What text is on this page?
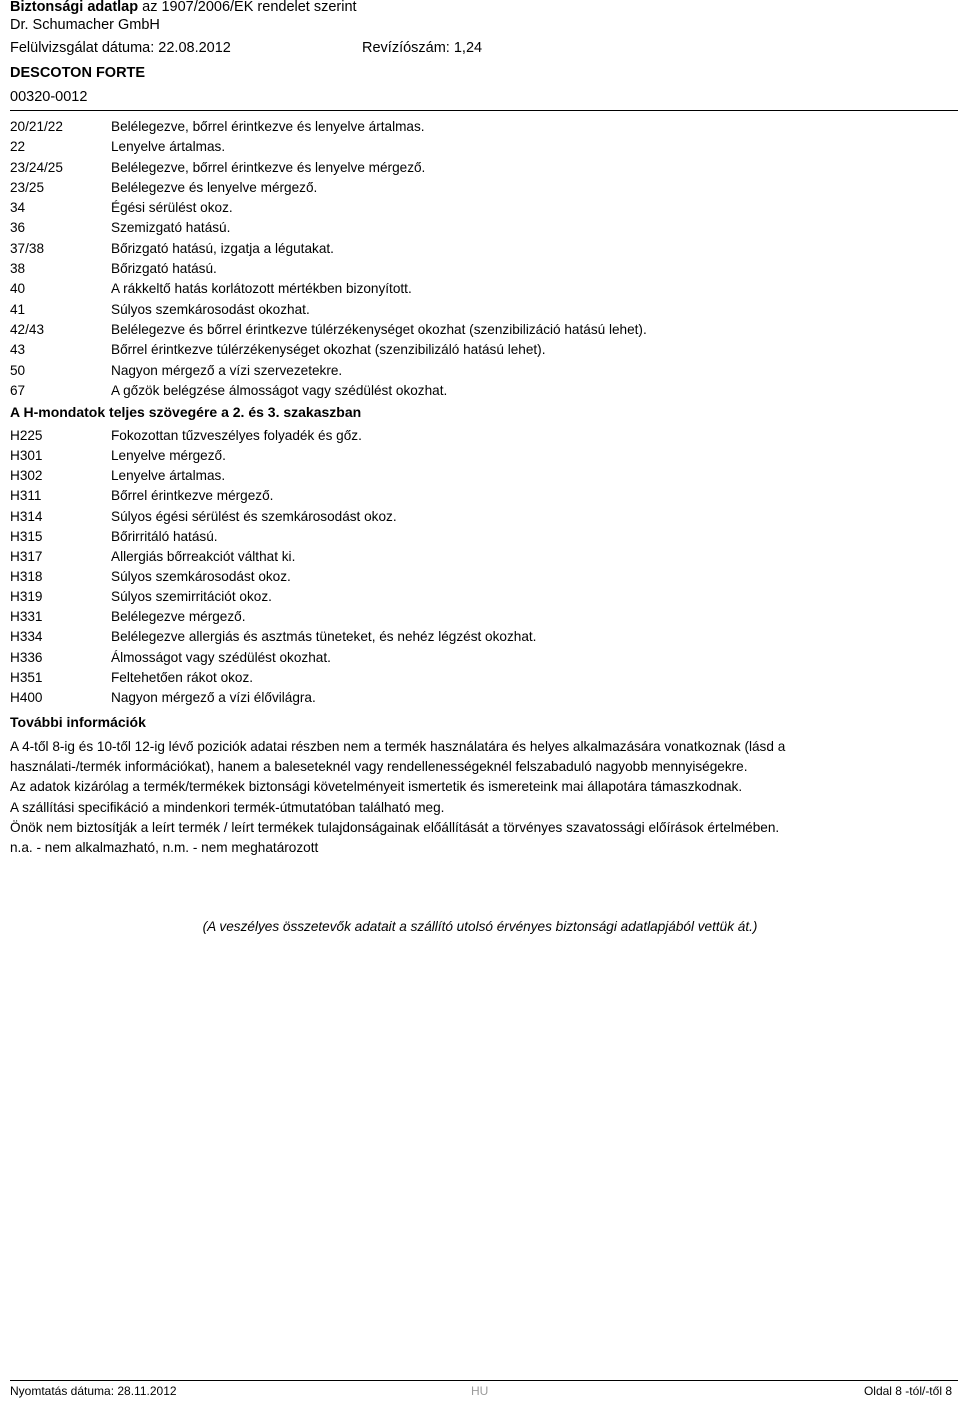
Biztonsági adatlap az 1907/2006/EK rendelet szerint
Dr. Schumacher GmbH
Felülvizsgálat dátuma: 22.08.2012	Revízíószám: 1,24
DESCOTON FORTE
00320-0012
20/21/22	Belélegezve, bőrrel érintkezve és lenyelve ártalmas.
22	Lenyelve ártalmas.
23/24/25	Belélegezve, bőrrel érintkezve és lenyelve mérgező.
23/25	Belélegezve és lenyelve mérgező.
34	Égési sérülést okoz.
36	Szemizgató hatású.
37/38	Bőrizgató hatású, izgatja a légutakat.
38	Bőrizgató hatású.
40	A rákkeltő hatás korlátozott mértékben bizonyított.
41	Súlyos szemkárosodást okozhat.
42/43	Belélegezve és bőrrel érintkezve túlérzékenységet okozhat (szenzibilizáció hatású lehet).
43	Bőrrel érintkezve túlérzékenységet okozhat (szenzibilizáló hatású lehet).
50	Nagyon mérgező a vízi szervezetekre.
67	A gőzök belégzése álmosságot vagy szédülést okozhat.
A H-mondatok teljes szövegére a 2. és 3. szakaszban
H225	Fokozottan tűzveszélyes folyadék és gőz.
H301	Lenyelve mérgező.
H302	Lenyelve ártalmas.
H311	Bőrrel érintkezve mérgező.
H314	Súlyos égési sérülést és szemkárosodást okoz.
H315	Bőrirritáló hatású.
H317	Allergiás bőrreakciót válthat ki.
H318	Súlyos szemkárosodást okoz.
H319	Súlyos szemirritációt okoz.
H331	Belélegezve mérgező.
H334	Belélegezve allergiás és asztmás tüneteket, és nehéz légzést okozhat.
H336	Álmosságot vagy szédülést okozhat.
H351	Feltehetően rákot okoz.
H400	Nagyon mérgező a vízi élővilágra.
További információk

A 4-től 8-ig és 10-től 12-ig lévő poziciók adatai részben nem a termék használatára és helyes alkalmazására vonatkoznak (lásd a használati-/termék információkat), hanem a baleseteknél vagy rendellenességeknél felszabaduló nagyobb mennyiségekre.

Az adatok kizárólag a termék/termékek biztonsági követelményeit ismertetik és ismereteink mai állapotára támaszkodnak.

A szállítási specifikáció a mindenkori termék-útmutatóban található meg.

Önök nem biztosítják a leírt termék / leírt termékek tulajdonságainak előállítását a törvényes szavatossági előírások értelmében.

n.a. - nem alkalmazható, n.m. - nem meghatározott

(A veszélyes összetevők adatait a szállító utolsó érvényes biztonsági adatlapjából vettük át.)
Nyomtatás dátuma: 28.11.2012	HU	Oldal 8 -tól/-től 8
